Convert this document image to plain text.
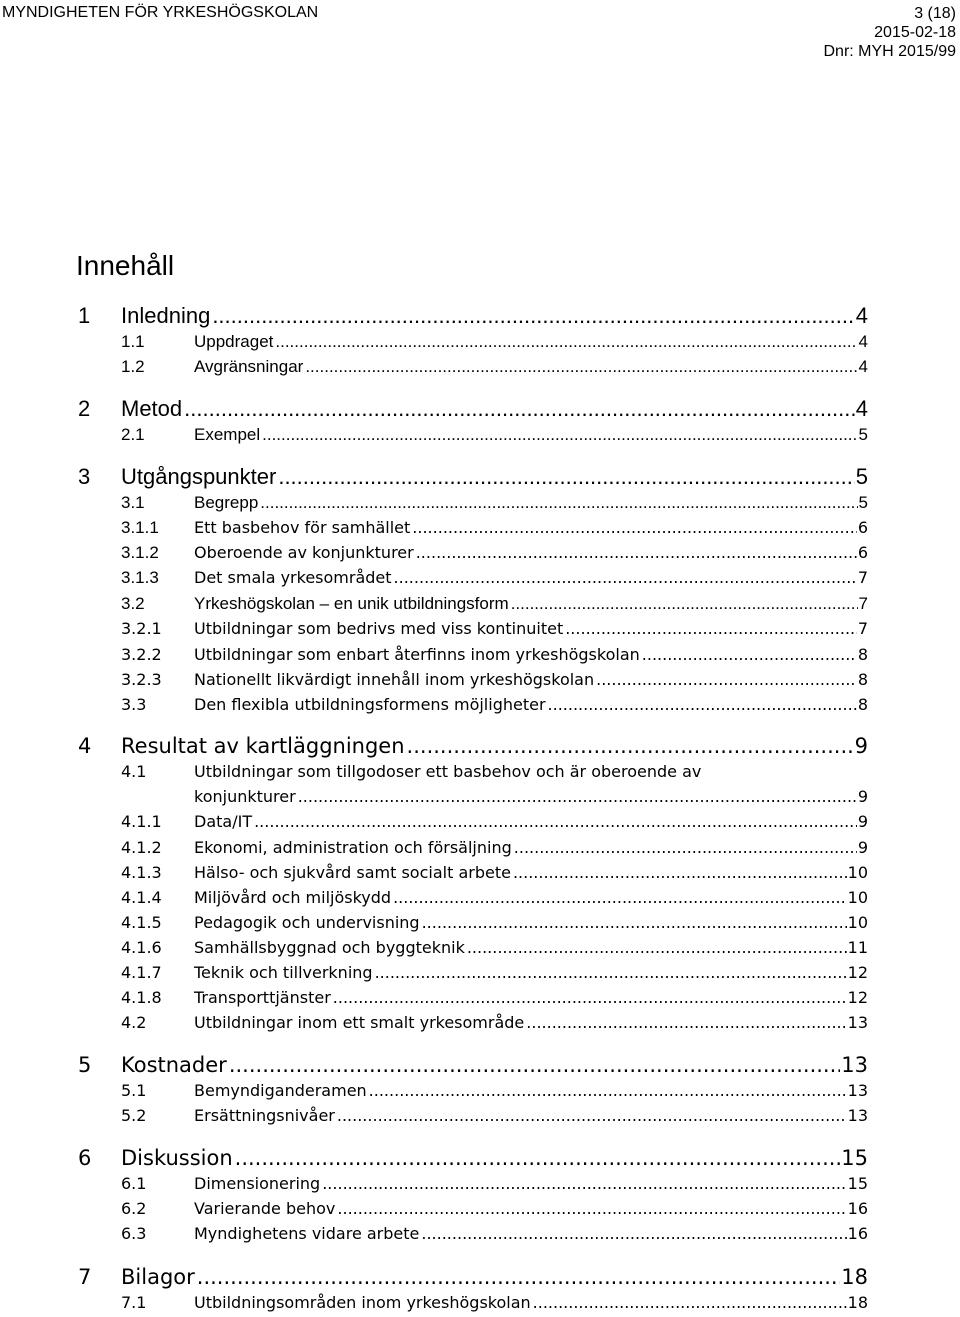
MYNDIGHETEN FÖR YRKESHÖGSKOLAN	3 (18)
2015-02-18
Dnr: MYH 2015/99
Innehåll
1 Inledning .....	4
1.1	Uppdraget .....	4
1.2	Avgränsningar .....	4
2 Metod .....	4
2.1	Exempel .....	5
3 Utgångspunkter .....	5
3.1	Begrepp .....	5
3.1.1 Ett basbehov för samhället .....	6
3.1.2 Oberoende av konjunkturer .....	6
3.1.3 Det smala yrkesområdet .....	7
3.2	Yrkeshögskolan – en unik utbildningsform .....	7
3.2.1 Utbildningar som bedrivs med viss kontinuitet .....	7
3.2.2 Utbildningar som enbart återfinns inom yrkeshögskolan .....	8
3.2.3 Nationellt likvärdigt innehåll inom yrkeshögskolan .....	8
3.3	Den flexibla utbildningsformens möjligheter .....	8
4 Resultat av kartläggningen .....	9
4.1	Utbildningar som tillgodoser ett basbehov och är oberoende av
konjunkturer .....	9
4.1.1 Data/IT .....	9
4.1.2 Ekonomi, administration och försäljning .....	9
4.1.3 Hälso- och sjukvård samt socialt arbete .....	10
4.1.4 Miljövård och miljöskydd .....	10
4.1.5 Pedagogik och undervisning .....	10
4.1.6 Samhällsbyggnad och byggteknik .....	11
4.1.7 Teknik och tillverkning .....	12
4.1.8 Transporttjänster .....	12
4.2	Utbildningar inom ett smalt yrkesområde .....	13
5 Kostnader .....	13
5.1	Bemyndiganderamen .....	13
5.2	Ersättningsnivåer .....	13
6 Diskussion .....	15
6.1	Dimensionering .....	15
6.2	Varierande behov .....	16
6.3	Myndighetens vidare arbete .....	16
7 Bilagor .....	18
7.1	Utbildningsområden inom yrkeshögskolan .....	18
